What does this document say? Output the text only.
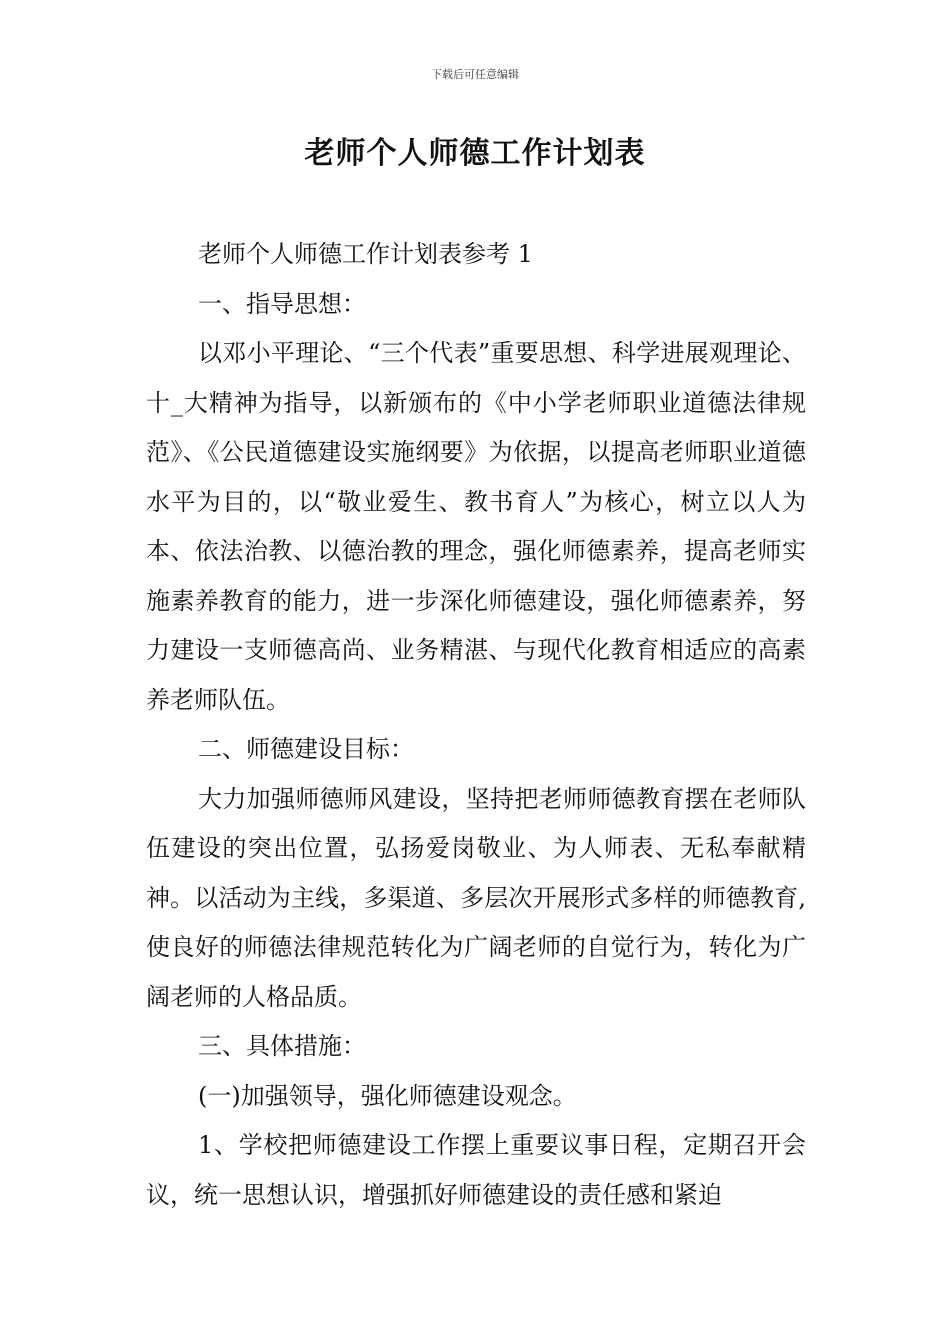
下载后可任意编辑
老师个人师德工作计划表

老师个人师德工作计划表参考 1

一、指导思想：

以邓小平理论、“三个代表”重要思想、科学进展观理论、十_大精神为指导，以新颁布的《中小学老师职业道德法律规范》、《公民道德建设实施纲要》为依据，以提高老师职业道德水平为目的，以“敬业爱生、教书育人”为核心，树立以人为本、依法治教、以德治教的理念，强化师德素养，提高老师实施素养教育的能力，进一步深化师德建设，强化师德素养，努力建设一支师德高尚、业务精湛、与现代化教育相适应的高素养老师队伍。

二、师德建设目标：

大力加强师德师风建设，坚持把老师师德教育摆在老师队伍建设的突出位置，弘扬爱岗敬业、为人师表、无私奉献精神。以活动为主线，多渠道、多层次开展形式多样的师德教育,使良好的师德法律规范转化为广阔老师的自觉行为，转化为广阔老师的人格品质。

三、具体措施：

(一)加强领导，强化师德建设观念。

1、学校把师德建设工作摆上重要议事日程，定期召开会议，统一思想认识，增强抓好师德建设的责任感和紧迫
